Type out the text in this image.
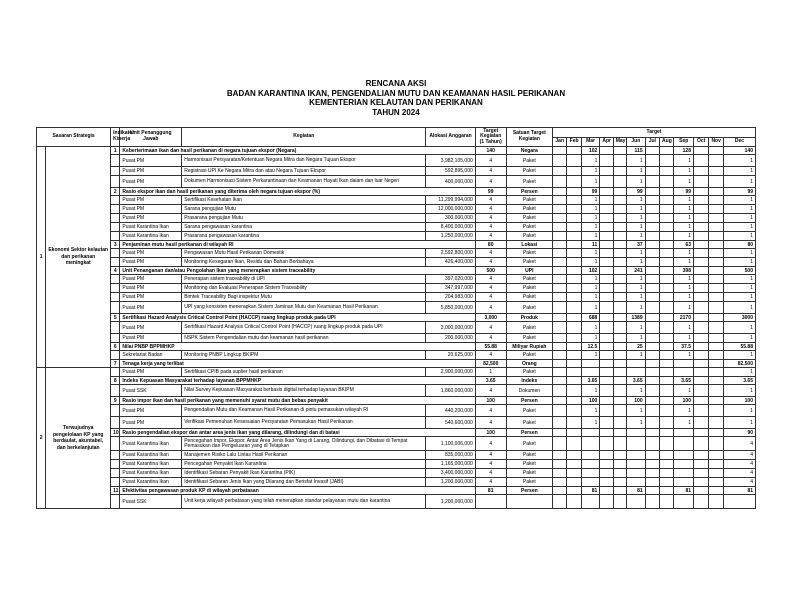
RENCANA AKSI
BADAN KARANTINA IKAN, PENGENDALIAN MUTU DAN KEAMANAN HASIL PERIKANAN
KEMENTERIAN KELAUTAN DAN PERIKANAN
TAHUN 2024
Sasaran Strategis		Indikator Kinerja	Unit Penanggung Jawab	Kegiatan	Alokasi Anggaran	Target Kegiatan (1 Tahun)	Satuan Target Kegiatan	Target											
								Jan	Feb	Mar	Apr	May	Jun	Jul	Aug	Sep	Oct	Nov	Dec
1	Ekonomi Sektor kelautan dan perikanan meningkat	1	Keberterimaan ikan dan hasil perikanan di negara tujuan ekspor (Negara)			140	Negara			102			115			128			140
			Pusat PM	Harmonisasi Persyaratan/Ketentuan Negara Mitra dan Negara Tujuan Ekspor	3,982,105,000	4	Paket			1			1			1			1
			Pusat PM	Registrasi UPI Ke Negara Mitra dan atau Negara Tujuan Ekspor	592,895,000	4	Paket			1			1			1			1
			Pusat PM	Dokumen Harmonisasi Sistem Perkarantinaan dan Keamanan Hayati Ikan dalam dan luar Negeri	400,000,000	4	Paket			1			1			1			1
		2	Rasio ekspor ikan dan hasil perikanan yang diterima oleh negara tujuan ekspor (%)			99	Persen			99			99			99			99
			Pusat PM	Sertifikasi Kesehatan Ikan	11,299,994,000	4	Paket			1			1			1			1
			Pusat PM	Sarana pengujian Mutu	12,000,000,000	4	Paket			1			1			1			1
			Pusat PM	Prasarana pengujian Mutu	300,000,000	4	Paket			1			1			1			1
			Pusat Karantina Ikan	Sarana pengawasan karantina	8,400,000,000	4	Paket			1			1			1			1
			Pusat Karantina Ikan	Prasarana pengawasan karantina	1,250,000,000	4	Paket			1			1			1			1
		3	Penjaminan mutu hasil perikanan di wilayah RI			80	Lokasi			11			37			63			80
			Pusat PM	Pengawasan Mutu Hasil Perikanan Domestik	2,592,800,000	4	Paket			1			1			1			1
			Pusat PM	Monitoring Kesegaran Ikan, Residu dan Bahan Berbahaya	426,400,000	4	Paket			1			1			1			1
		4	Unit Penanganan dan/atau Pengolahan Ikan yang menerapkan sistem traceability			500	UPI			102			241			398			500
			Pusat PM	Penerapan sistem traceability di UPI	397,020,000	4	Paket			1			1			1			1
			Pusat PM	Monitoring dan Evaluasi Penerapan Sistem Traceability	347,997,000	4	Paket			1			1			1			1
			Pusat PM	Bimtek Traceability Bagi inspektur Mutu	204,983,000	4	Paket			1			1			1			1
			Pusat PM	UPI yang konsisten menerapkan Sistem Jaminan Mutu dan Keamanan Hasil Perikanan	5,850,000,000	4	Paket			1			1			1			1
		5	Sertifikasi Hazard Analysis Critical Control Point (HACCP) ruang lingkup produk pada UPI			3,000	Produk			688			1389			2170			3000
			Pusat PM	Sertifikasi Hazard Analysis Critical Control Point (HACCP) ruang lingkup produk pada UPI	3,000,000,000	4	Paket			1			1			1			1
			Pusat PM	NSPK Sistem Pengendalian mutu dan keamanan hasil perikanan	200,000,000	4	Paket			1			1			1			1
		6	Nilai PNBP BPPMHKP			55.88	Miliyar Rupiah			12.5			25			37.5			55.88
			Sekretariat Badan	Monitoring PNBP Lingkup BKIPM	20,625,000	4	Paket			1			1			1			1
		7	Tenaga kerja yang terlibat			82,500	Orang												82,500
2	Terwujudnya pengelolaan KP yang berdaulat, akuntabel, dan berkelanjutan		Pusat PM	Sertifikasi CPIB pada suplier hasil perikanan	2,900,000,000	1	Paket												1
		8	Indeks Kepuasan Masyarakat terhadap layanan BPPMHKP			3.65	Indeks			3.65			3.65			3.65			3.65
			Pusat SSK	Nilai Survey Kepuasan Masyarakat berbasis digital terhadap layanan BKIPM	1,860,000,000	4	Dokumen			1			1			1			1
		9	Rasio impor ikan dan hasil perikanan yang memenuhi syarat mutu dan bebas penyakit			100	Persen			100			100			100			100
			Pusat PM	Pengendalian Mutu dan Keamanan Hasil Perikanan di pintu pemasukan wilayah RI	440,200,000	4	Paket			1			1			1			1
			Pusat PM	Verifikasi Pemenuhan Kesesuaian Persyaratan Pemasukan Hasil Perikanan	540,600,000	4	Paket			1			1			1			1
		10	Rasio pengendalian ekspor dan antar area jenis ikan yang dilarang, dilindungi dan di batasi			100	Persen												90
			Pusat Karantina Ikan	Pencegahan Impor, Ekspor, Antar Area Jenis Ikan Yang di Larang, Dilindungi, dan Dibatasi di Tempat Pemasukan dan Pengeluaran yang di Tetapkan	1,100,006,000	4	Paket												4
			Pusat Karantina Ikan	Manajemen Risiko Lalu Lintas Hasil Perikanan	835,000,000	4	Paket												4
			Pusat Karantina Ikan	Pencegahan Penyakit Ikan Karantina	1,165,000,000	4	Paket												4
			Pusat Karantina Ikan	Identifikasi Sebaran Penyakit Ikan Karantina (PIK)	3,400,000,000	4	Paket												4
			Pusat Karantina Ikan	Identifikasi Sebaran Jenis Ikan yang Dilarang dan Berisfat Invasif (JABI)	1,200,000,000	4	Paket												4
		11	Efektivitas pengawasan produk KP di wilayah perbatasan			81	Persen			81			81			81			81
			Pusat SSK	Unit kerja wilayah perbatasan yang telah menerapkan standar pelayanan mutu dan karantina	1,200,000,000														
